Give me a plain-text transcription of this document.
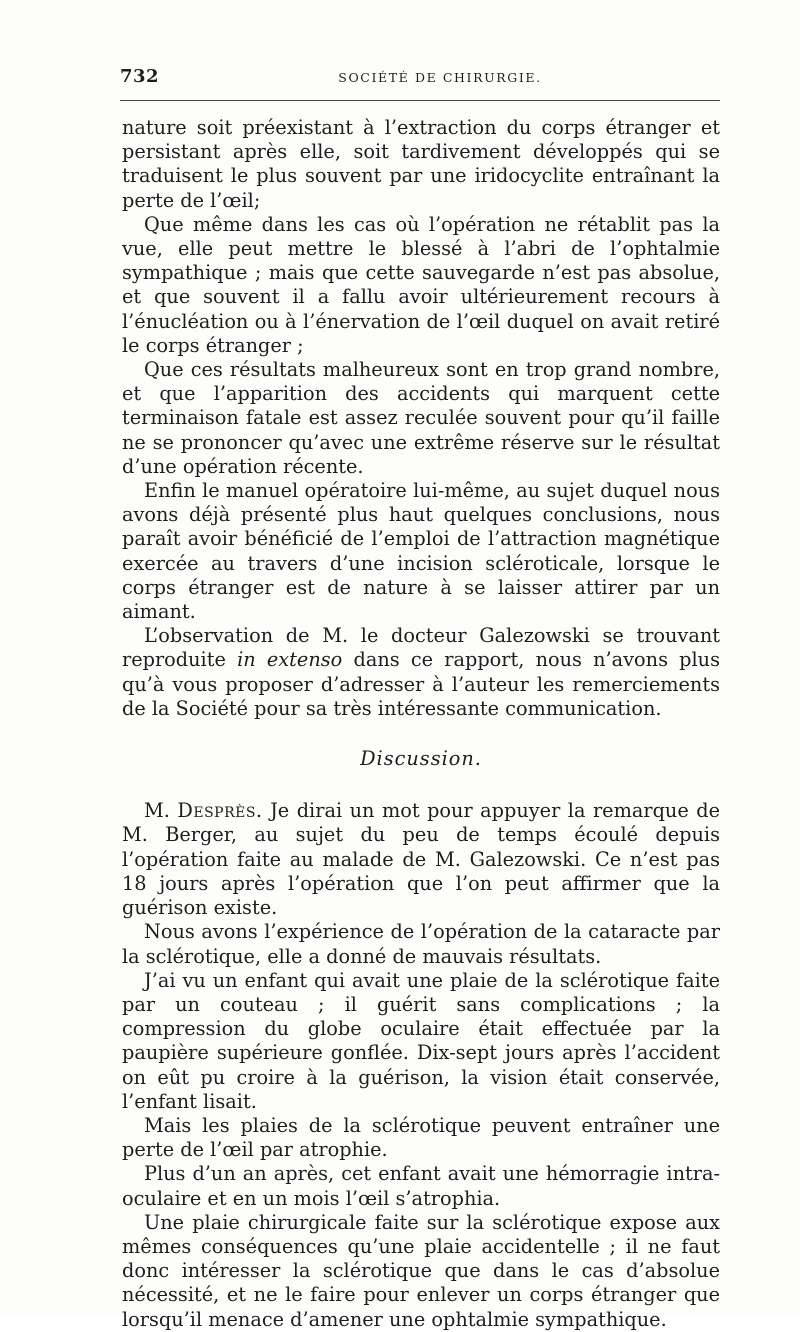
732	SOCIÉTÉ DE CHIRURGIE.

nature soit préexistant à l’extraction du corps étranger et persistant après elle, soit tardivement développés qui se traduisent le plus souvent par une iridocyclite entraînant la perte de l’œil;

Que même dans les cas où l’opération ne rétablit pas la vue, elle peut mettre le blessé à l’abri de l’ophtalmie sympathique ; mais que cette sauvegarde n’est pas absolue, et que souvent il a fallu avoir ultérieurement recours à l’énucléation ou à l’énervation de l’œil duquel on avait retiré le corps étranger ;

Que ces résultats malheureux sont en trop grand nombre, et que l’apparition des accidents qui marquent cette terminaison fatale est assez reculée souvent pour qu’il faille ne se prononcer qu’avec une extrême réserve sur le résultat d’une opération récente.

Enfin le manuel opératoire lui-même, au sujet duquel nous avons déjà présenté plus haut quelques conclusions, nous paraît avoir bénéficié de l’emploi de l’attraction magnétique exercée au travers d’une incision scléroticale, lorsque le corps étranger est de nature à se laisser attirer par un aimant.

L’observation de M. le docteur Galezowski se trouvant reproduite in extenso dans ce rapport, nous n’avons plus qu’à vous proposer d’adresser à l’auteur les remerciements de la Société pour sa très intéressante communication.

Discussion.

M. Desprès. Je dirai un mot pour appuyer la remarque de M. Berger, au sujet du peu de temps écoulé depuis l’opération faite au malade de M. Galezowski. Ce n’est pas 18 jours après l’opération que l’on peut affirmer que la guérison existe.

Nous avons l’expérience de l’opération de la cataracte par la sclérotique, elle a donné de mauvais résultats.

J’ai vu un enfant qui avait une plaie de la sclérotique faite par un couteau ; il guérit sans complications ; la compression du globe oculaire était effectuée par la paupière supérieure gonflée. Dix-sept jours après l’accident on eût pu croire à la guérison, la vision était conservée, l’enfant lisait.

Mais les plaies de la sclérotique peuvent entraîner une perte de l’œil par atrophie.

Plus d’un an après, cet enfant avait une hémorragie intra-oculaire et en un mois l’œil s’atrophia.

Une plaie chirurgicale faite sur la sclérotique expose aux mêmes conséquences qu’une plaie accidentelle ; il ne faut donc intéresser la sclérotique que dans le cas d’absolue nécessité, et ne le faire pour enlever un corps étranger que lorsqu’il menace d’amener une ophtalmie sympathique.
